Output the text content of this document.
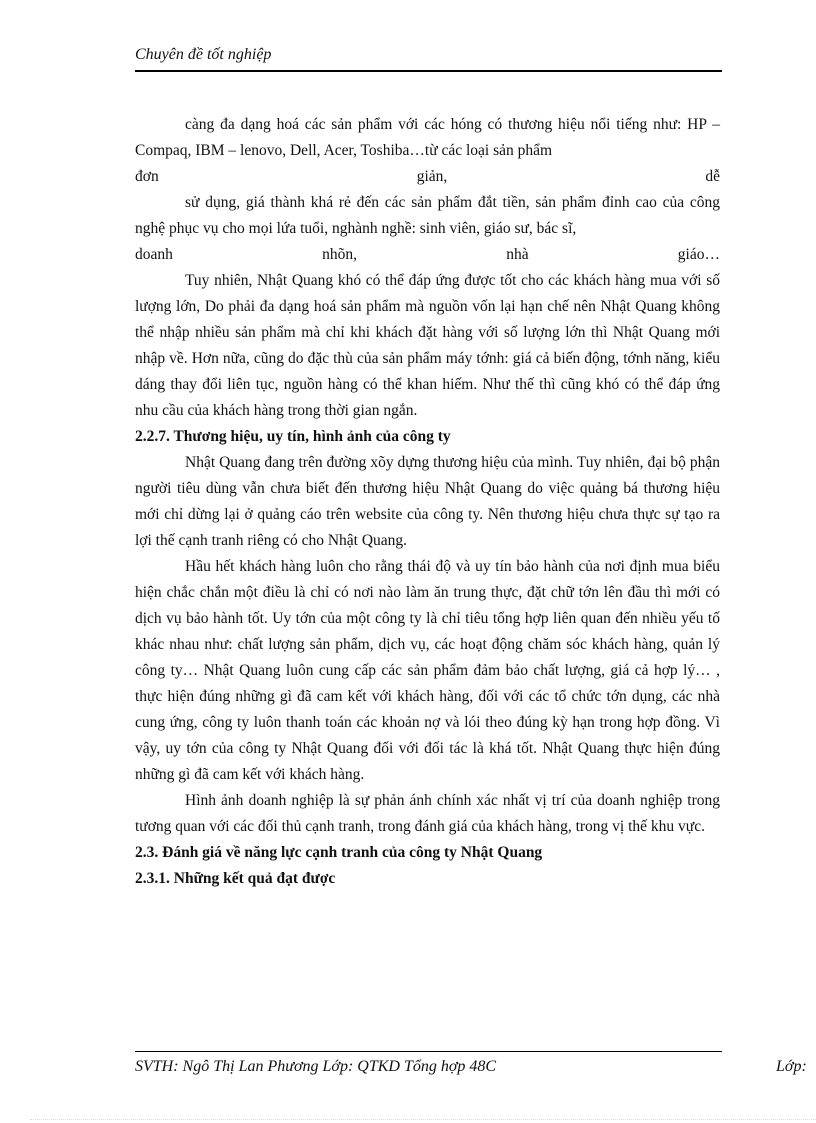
Chuyên đề tốt nghiệp

càng đa dạng hoá các sản phẩm với các hóng có thương hiệu nổi tiếng như: HP – Compaq, IBM – lenovo, Dell, Acer, Toshiba…từ các loại sản phẩm

đơn giản, dễ

sử dụng, giá thành khá rẻ đến các sản phẩm đắt tiền, sản phẩm đỉnh cao của công nghệ phục vụ cho mọi lứa tuổi, nghành nghề: sinh viên, giáo sư, bác sĩ,

doanh nhõn, nhà giáo…

Tuy nhiên, Nhật Quang khó có thể đáp ứng được tốt cho các khách hàng mua với số lượng lớn, Do phải đa dạng hoá sản phẩm mà nguồn vốn lại hạn chế nên Nhật Quang không thể nhập nhiều sản phẩm mà chỉ khi khách đặt hàng với số lượng lớn thì Nhật Quang mới nhập về. Hơn nữa, cũng do đặc thù của sản phẩm máy tớnh: giá cả biến động, tớnh năng, kiểu dáng thay đổi liên tục, nguồn hàng có thể khan hiếm. Như thế thì cũng khó có thể đáp ứng nhu cầu của khách hàng trong thời gian ngắn.

2.2.7. Thương hiệu, uy tín, hình ảnh của công ty

Nhật Quang đang trên đường xõy dựng thương hiệu của mình. Tuy nhiên, đại bộ phận người tiêu dùng vẫn chưa biết đến thương hiệu Nhật Quang do việc quảng bá thương hiệu mới chỉ dừng lại ở quảng cáo trên website của công ty. Nên thương hiệu chưa thực sự tạo ra lợi thế cạnh tranh riêng có cho Nhật Quang.

Hầu hết khách hàng luôn cho rằng thái độ và uy tín bảo hành của nơi định mua biểu hiện chắc chắn một điều là chỉ có nơi nào làm ăn trung thực, đặt chữ tớn lên đầu thì mới có dịch vụ bảo hành tốt. Uy tớn của một công ty là chỉ tiêu tổng hợp liên quan đến nhiều yếu tố khác nhau như: chất lượng sản phẩm, dịch vụ, các hoạt động chăm sóc khách hàng, quản lý công ty… Nhật Quang luôn cung cấp các sản phẩm đảm bảo chất lượng, giá cả hợp lý… , thực hiện đúng những gì đã cam kết với khách hàng, đối với các tổ chức tớn dụng, các nhà cung ứng, công ty luôn thanh toán các khoản nợ và lói theo đúng kỳ hạn trong hợp đồng. Vì vậy, uy tớn của công ty Nhật Quang đối với đối tác là khá tốt. Nhật Quang thực hiện đúng những gì đã cam kết với khách hàng.

Hình ảnh doanh nghiệp là sự phản ánh chính xác nhất vị trí của doanh nghiệp trong tương quan với các đối thủ cạnh tranh, trong đánh giá của khách hàng, trong vị thế khu vực.

2.3. Đánh giá về năng lực cạnh tranh của công ty Nhật Quang

2.3.1. Những kết quả đạt được

SVTH: Ngô Thị Lan Phương Lớp: QTKD Tổng hợp 48C	Lớp:
